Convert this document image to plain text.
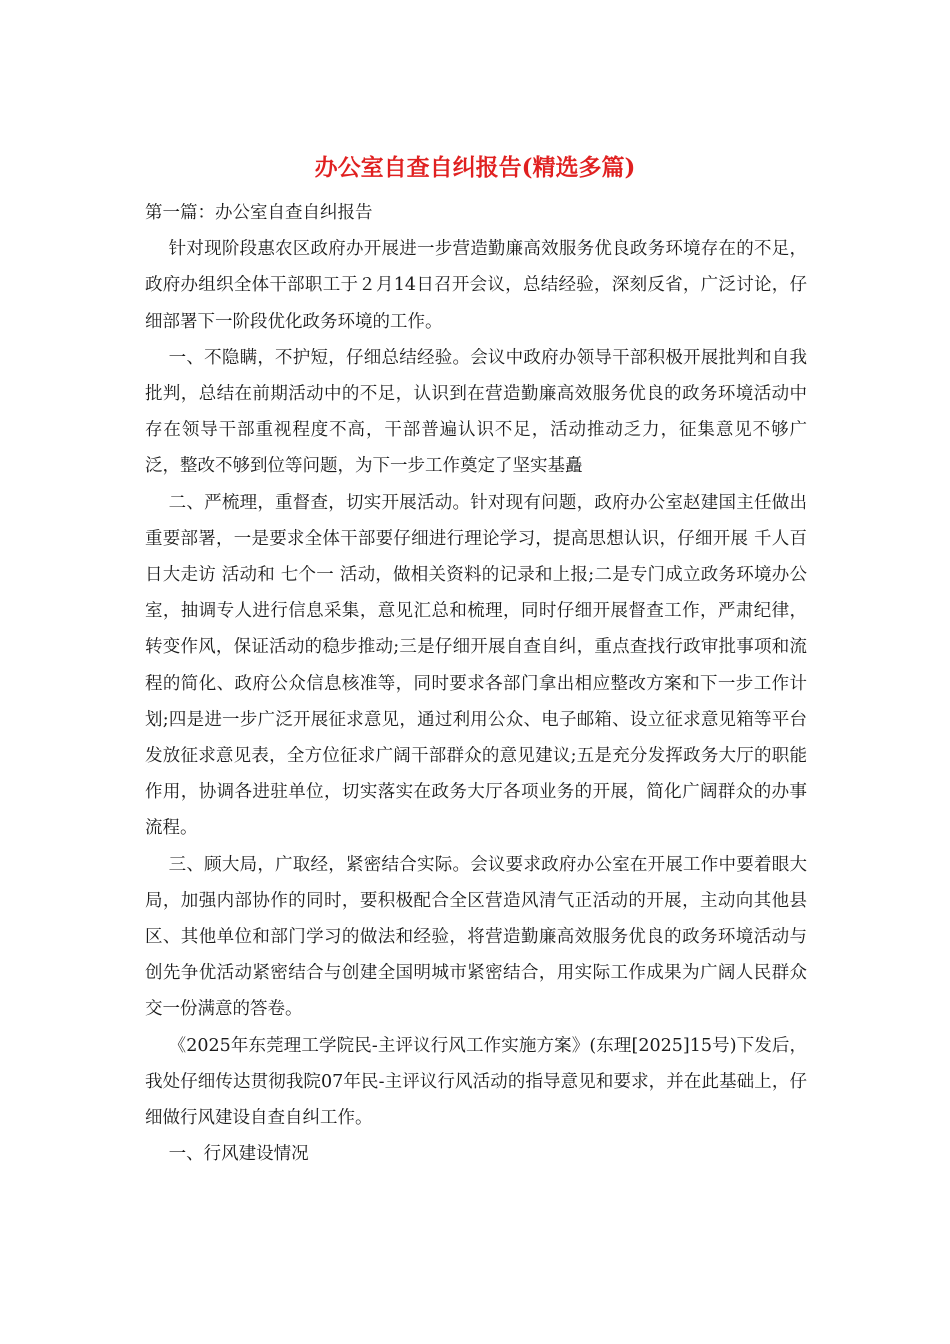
办公室自查自纠报告(精选多篇)

第一篇：办公室自查自纠报告

针对现阶段惠农区政府办开展进一步营造勤廉高效服务优良政务环境存在的不足，政府办组织全体干部职工于２月14日召开会议，总结经验，深刻反省，广泛讨论，仔细部署下一阶段优化政务环境的工作。

一、不隐瞒，不护短，仔细总结经验。会议中政府办领导干部积极开展批判和自我批判，总结在前期活动中的不足，认识到在营造勤廉高效服务优良的政务环境活动中存在领导干部重视程度不高，干部普遍认识不足，活动推动乏力，征集意见不够广泛，整改不够到位等问题，为下一步工作奠定了坚实基矗

二、严梳理，重督查，切实开展活动。针对现有问题，政府办公室赵建国主任做出重要部署，一是要求全体干部要仔细进行理论学习，提高思想认识，仔细开展 千人百日大走访 活动和 七个一 活动，做相关资料的记录和上报;二是专门成立政务环境办公室，抽调专人进行信息采集，意见汇总和梳理，同时仔细开展督查工作，严肃纪律，转变作风，保证活动的稳步推动;三是仔细开展自查自纠，重点查找行政审批事项和流程的简化、政府公众信息核准等，同时要求各部门拿出相应整改方案和下一步工作计划;四是进一步广泛开展征求意见，通过利用公众、电子邮箱、设立征求意见箱等平台发放征求意见表，全方位征求广阔干部群众的意见建议;五是充分发挥政务大厅的职能作用，协调各进驻单位，切实落实在政务大厅各项业务的开展，简化广阔群众的办事流程。

三、顾大局，广取经，紧密结合实际。会议要求政府办公室在开展工作中要着眼大局，加强内部协作的同时，要积极配合全区营造风清气正活动的开展，主动向其他县区、其他单位和部门学习的做法和经验，将营造勤廉高效服务优良的政务环境活动与创先争优活动紧密结合与创建全国明城市紧密结合，用实际工作成果为广阔人民群众交一份满意的答卷。

《2025年东莞理工学院民-主评议行风工作实施方案》(东理[2025]15号)下发后，我处仔细传达贯彻我院07年民-主评议行风活动的指导意见和要求，并在此基础上，仔细做行风建设自查自纠工作。

一、行风建设情况
